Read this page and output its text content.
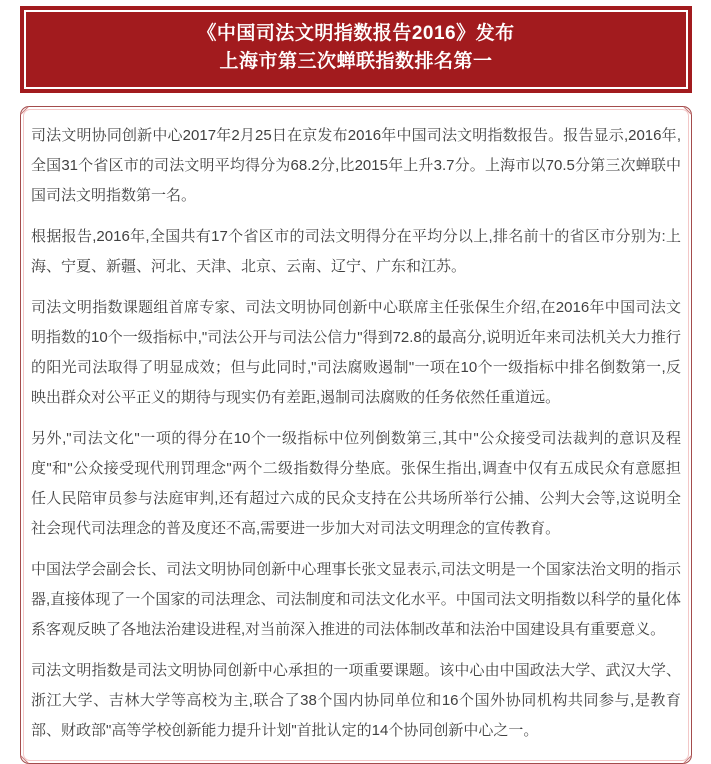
《中国司法文明指数报告2016》发布
上海市第三次蝉联指数排名第一

司法文明协同创新中心2017年2月25日在京发布2016年中国司法文明指数报告。报告显示,2016年,全国31个省区市的司法文明平均得分为68.2分,比2015年上升3.7分。上海市以70.5分第三次蝉联中国司法文明指数第一名。

根据报告,2016年,全国共有17个省区市的司法文明得分在平均分以上,排名前十的省区市分别为:上海、宁夏、新疆、河北、天津、北京、云南、辽宁、广东和江苏。

司法文明指数课题组首席专家、司法文明协同创新中心联席主任张保生介绍,在2016年中国司法文明指数的10个一级指标中,"司法公开与司法公信力"得到72.8的最高分,说明近年来司法机关大力推行的阳光司法取得了明显成效；但与此同时,"司法腐败遏制"一项在10个一级指标中排名倒数第一,反映出群众对公平正义的期待与现实仍有差距,遏制司法腐败的任务依然任重道远。

另外,"司法文化"一项的得分在10个一级指标中位列倒数第三,其中"公众接受司法裁判的意识及程度"和"公众接受现代刑罚理念"两个二级指数得分垫底。张保生指出,调查中仅有五成民众有意愿担任人民陪审员参与法庭审判,还有超过六成的民众支持在公共场所举行公捕、公判大会等,这说明全社会现代司法理念的普及度还不高,需要进一步加大对司法文明理念的宣传教育。

中国法学会副会长、司法文明协同创新中心理事长张文显表示,司法文明是一个国家法治文明的指示器,直接体现了一个国家的司法理念、司法制度和司法文化水平。中国司法文明指数以科学的量化体系客观反映了各地法治建设进程,对当前深入推进的司法体制改革和法治中国建设具有重要意义。

司法文明指数是司法文明协同创新中心承担的一项重要课题。该中心由中国政法大学、武汉大学、浙江大学、吉林大学等高校为主,联合了38个国内协同单位和16个国外协同机构共同参与,是教育部、财政部"高等学校创新能力提升计划"首批认定的14个协同创新中心之一。
